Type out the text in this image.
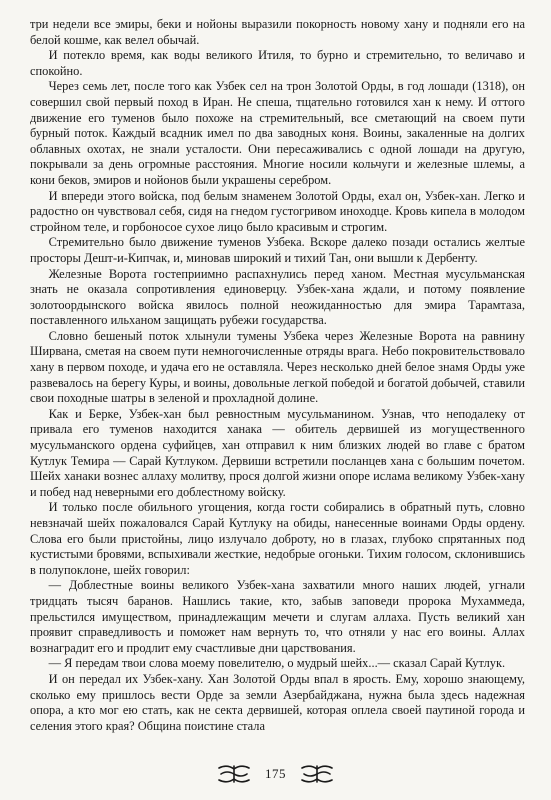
три недели все эмиры, беки и нойоны выразили покорность новому хану и подняли его на белой кошме, как велел обычай.

И потекло время, как воды великого Итиля, то бурно и стремительно, то величаво и спокойно.

Через семь лет, после того как Узбек сел на трон Золотой Орды, в год лошади (1318), он совершил свой первый поход в Иран. Не спеша, тщательно готовился хан к нему. И оттого движение его туменов было похоже на стремительный, все сметающий на своем пути бурный поток. Каждый всадник имел по два заводных коня. Воины, закаленные на долгих облавных охотах, не знали усталости. Они пересаживались с одной лошади на другую, покрывали за день огромные расстояния. Многие носили кольчуги и железные шлемы, а кони беков, эмиров и нойонов были украшены серебром.

И впереди этого войска, под белым знаменем Золотой Орды, ехал он, Узбек-хан. Легко и радостно он чувствовал себя, сидя на гнедом густогривом иноходце. Кровь кипела в молодом стройном теле, и горбоносое сухое лицо было красивым и строгим.

Стремительно было движение туменов Узбека. Вскоре далеко позади остались желтые просторы Дешт-и-Кипчак, и, миновав широкий и тихий Тан, они вышли к Дербенту.

Железные Ворота гостеприимно распахнулись перед ханом. Местная мусульманская знать не оказала сопротивления единоверцу. Узбек-хана ждали, и потому появление золотоордынского войска явилось полной неожиданностью для эмира Тарамтаза, поставленного ильханом защищать рубежи государства.

Словно бешеный поток хлынули тумены Узбека через Железные Ворота на равнину Ширвана, сметая на своем пути немногочисленные отряды врага. Небо покровительствовало хану в первом походе, и удача его не оставляла. Через несколько дней белое знамя Орды уже развевалось на берегу Куры, и воины, довольные легкой победой и богатой добычей, ставили свои походные шатры в зеленой и прохладной долине.

Как и Берке, Узбек-хан был ревностным мусульманином. Узнав, что неподалеку от привала его туменов находится ханака — обитель дервишей из могущественного мусульманского ордена суфийцев, хан отправил к ним близких людей во главе с братом Кутлук Темира — Сарай Кутлуком. Дервиши встретили посланцев хана с большим почетом. Шейх ханаки вознес аллаху молитву, прося долгой жизни опоре ислама великому Узбек-хану и побед над неверными его доблестному войску.

И только после обильного угощения, когда гости собирались в обратный путь, словно невзначай шейх пожаловался Сарай Кутлуку на обиды, нанесенные воинами Орды ордену. Слова его были пристойны, лицо излучало доброту, но в глазах, глубоко спрятанных под кустистыми бровями, вспыхивали жесткие, недобрые огоньки. Тихим голосом, склонившись в полупоклоне, шейх говорил:

— Доблестные воины великого Узбек-хана захватили много наших людей, угнали тридцать тысяч баранов. Нашлись такие, кто, забыв заповеди пророка Мухаммеда, прельстился имуществом, принадлежащим мечети и слугам аллаха. Пусть великий хан проявит справедливость и поможет нам вернуть то, что отняли у нас его воины. Аллах вознаградит его и продлит ему счастливые дни царствования.

— Я передам твои слова моему повелителю, о мудрый шейх...— сказал Сарай Кутлук.

И он передал их Узбек-хану. Хан Золотой Орды впал в ярость. Ему, хорошо знающему, сколько ему пришлось вести Орде за земли Азербайджана, нужна была здесь надежная опора, а кто мог ею стать, как не секта дервишей, которая оплела своей паутиной города и селения этого края? Община поистине стала

175
